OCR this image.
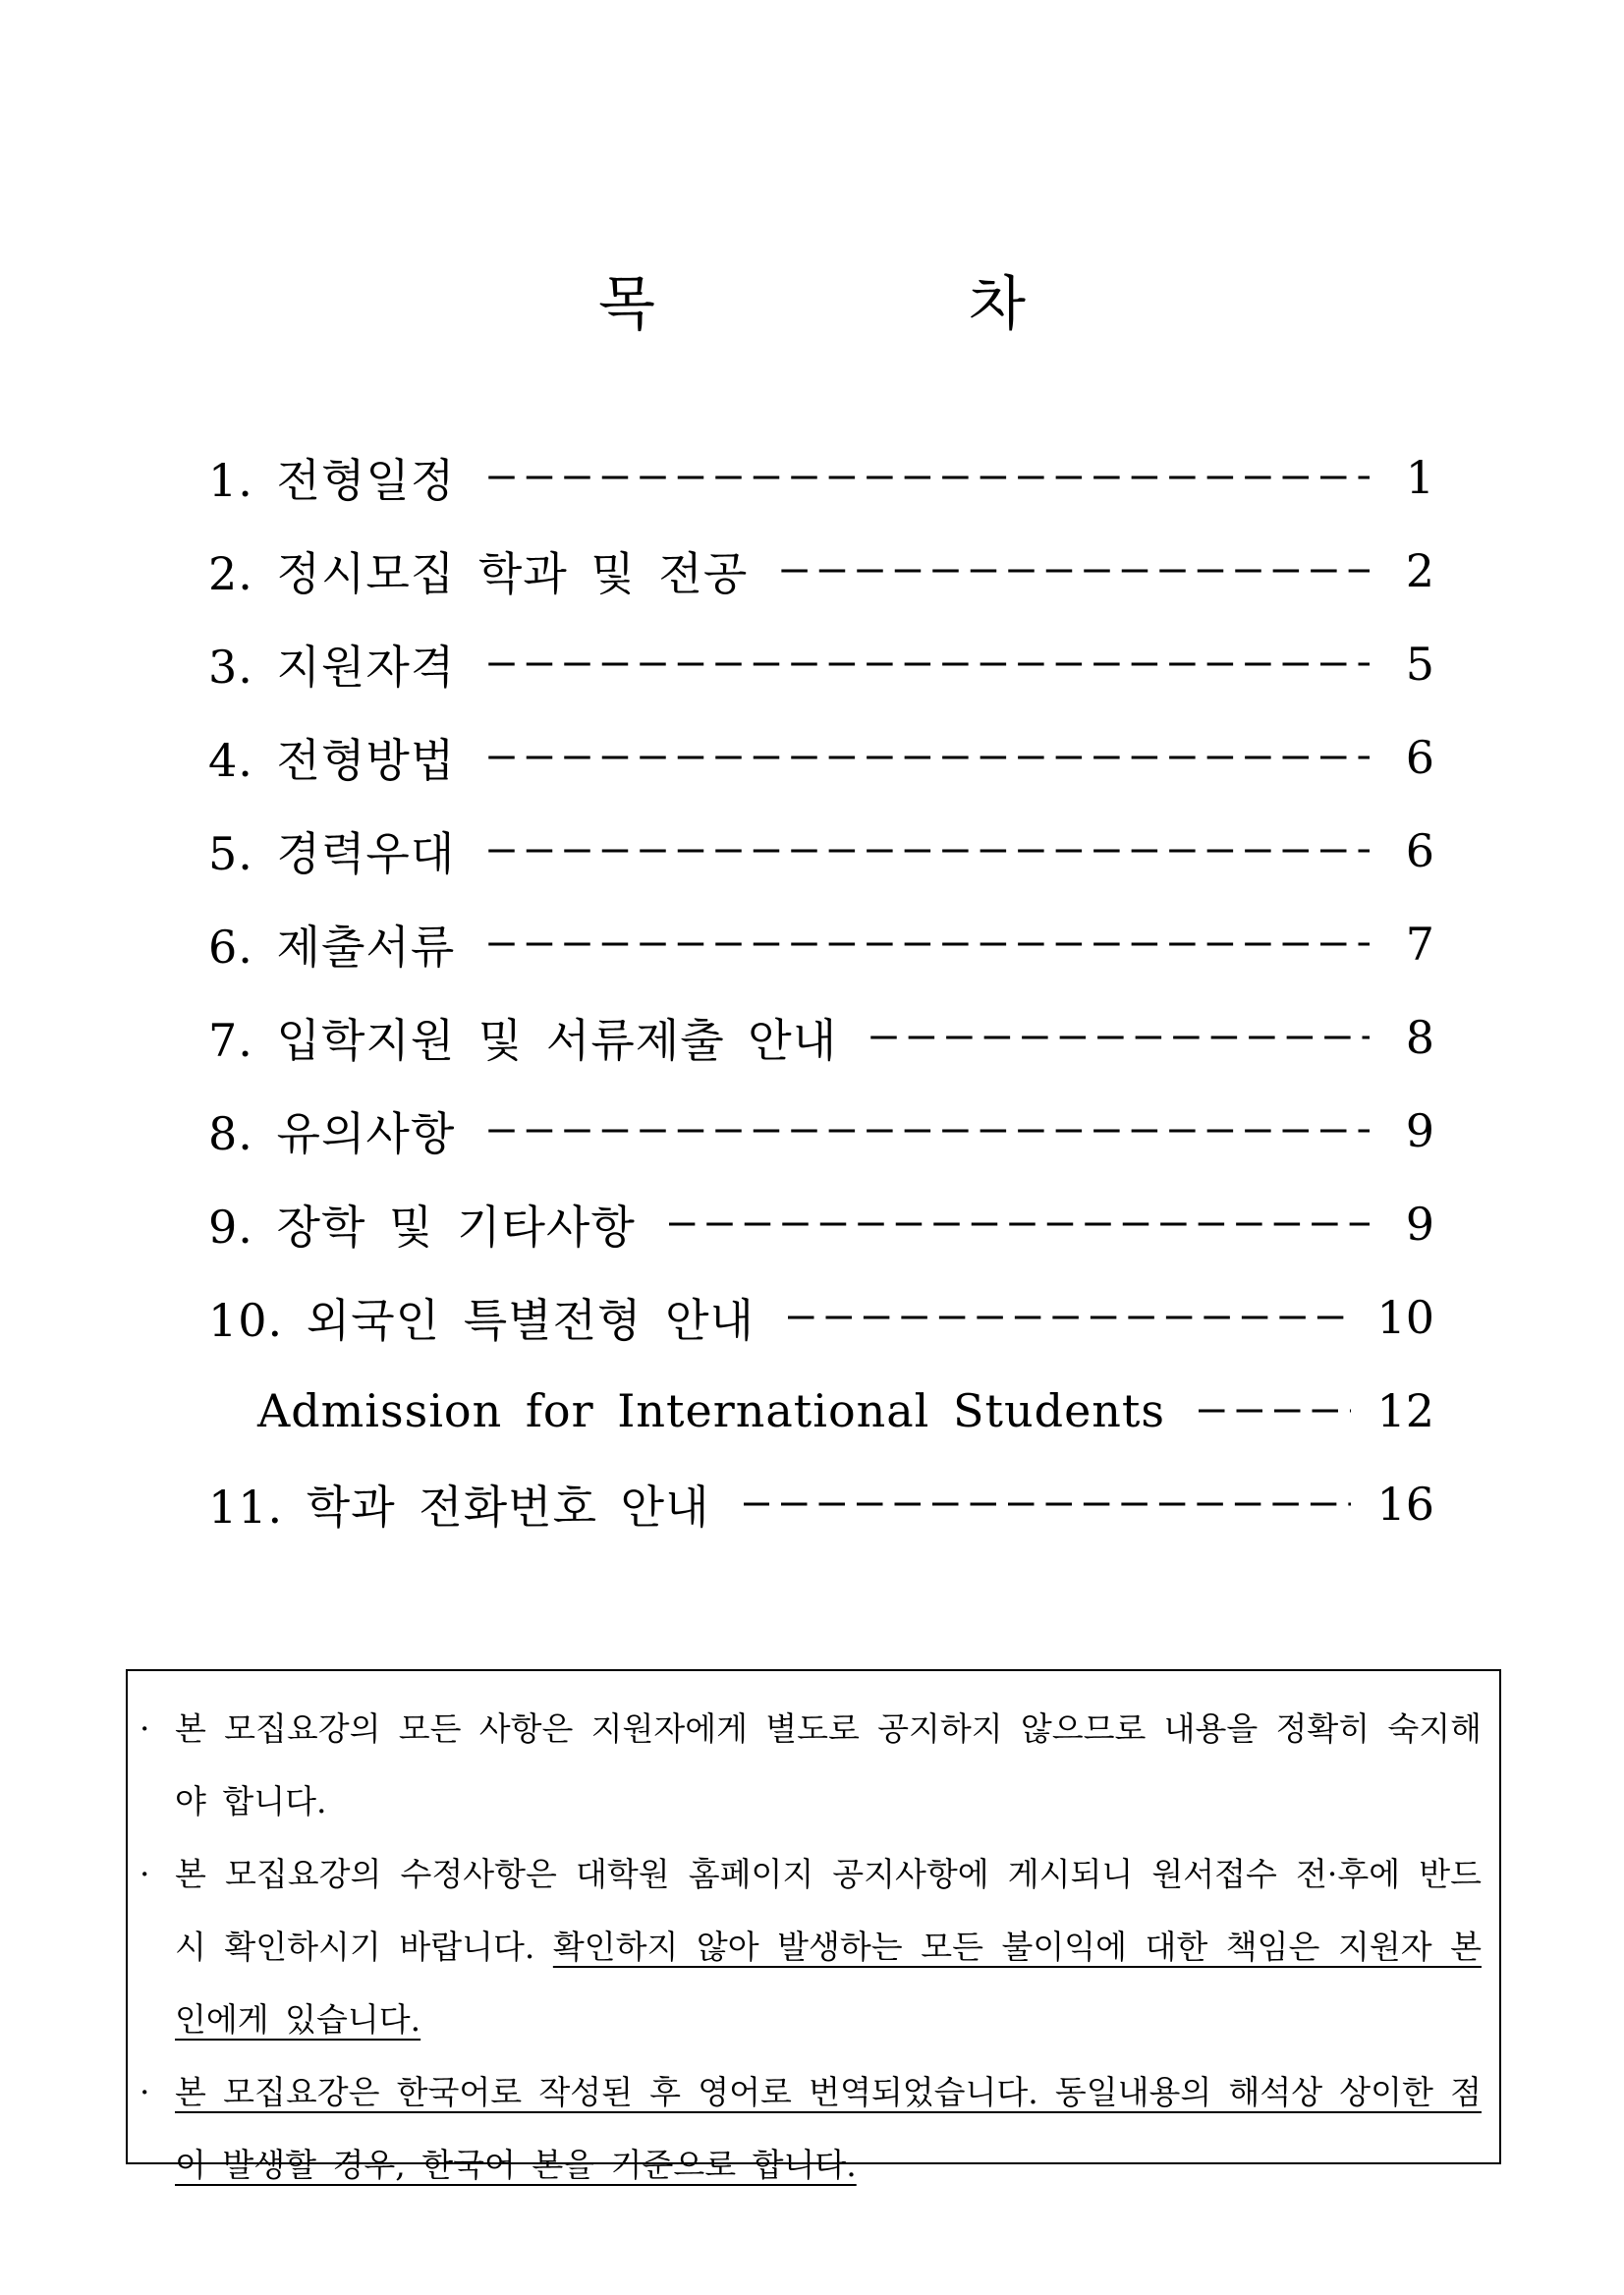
목 차
1. 전형일정 –––––	1
2. 정시모집 학과 및 전공 –––––	2
3. 지원자격 –––––	5
4. 전형방법 –––––	6
5. 경력우대 –––––	6
6. 제출서류 –––––	7
7. 입학지원 및 서류제출 안내 –––––	8
8. 유의사항 –––––	9
9. 장학 및 기타사항 –––––	9
10. 외국인 특별전형 안내 –––––	10
Admission for International Students –––––	12
11. 학과 전화번호 안내 –––––	16
· 본 모집요강의 모든 사항은 지원자에게 별도로 공지하지 않으므로 내용을 정확히 숙지해야 합니다.
· 본 모집요강의 수정사항은 대학원 홈페이지 공지사항에 게시되니 원서접수 전·후에 반드시 확인하시기 바랍니다. 확인하지 않아 발생하는 모든 불이익에 대한 책임은 지원자 본인에게 있습니다.
· 본 모집요강은 한국어로 작성된 후 영어로 번역되었습니다. 동일내용의 해석상 상이한 점이 발생할 경우, 한국어 본을 기준으로 합니다.
